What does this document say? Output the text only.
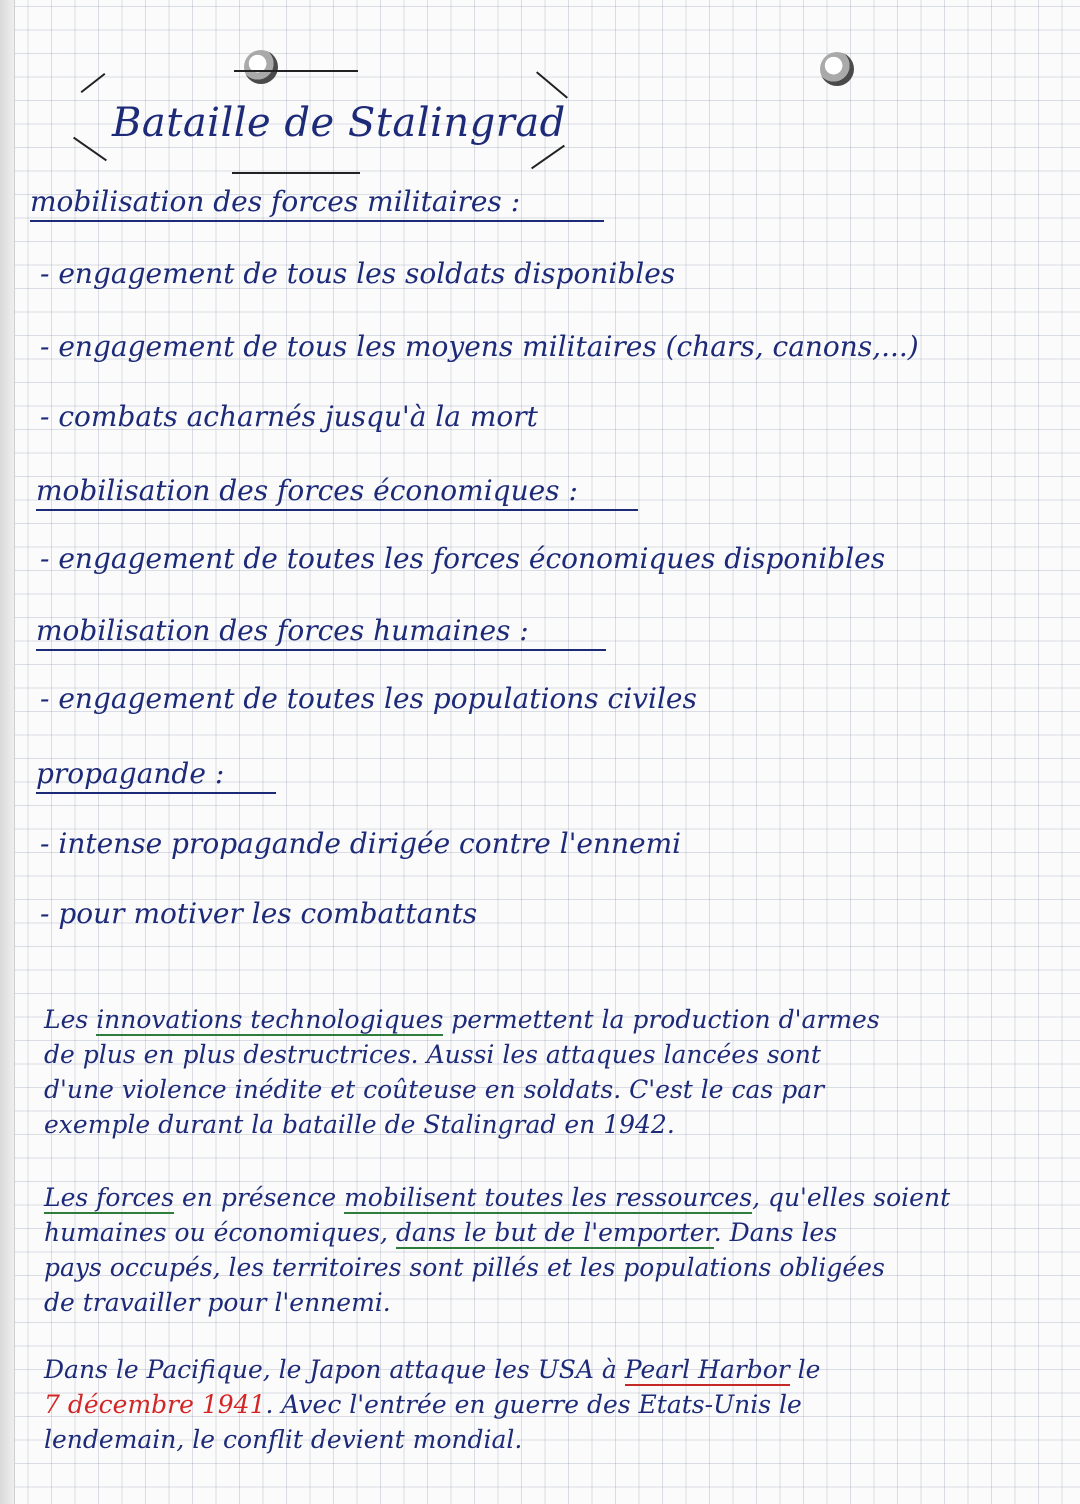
Bataille de Stalingrad
mobilisation des forces militaires :
- engagement de tous les soldats disponibles
- engagement de tous les moyens militaires (chars, canons,...)
- combats acharnés jusqu'à la mort
mobilisation des forces économiques :
- engagement de toutes les forces économiques disponibles
mobilisation des forces humaines :
- engagement de toutes les populations civiles
propagande :
- intense propagande dirigée contre l'ennemi
- pour motiver les combattants
Les innovations technologiques permettent la production d'armes
de plus en plus destructrices. Aussi les attaques lancées sont
d'une violence inédite et coûteuse en soldats. C'est le cas par
exemple durant la bataille de Stalingrad en 1942.
Les forces en présence mobilisent toutes les ressources, qu'elles soient
humaines ou économiques, dans le but de l'emporter. Dans les
pays occupés, les territoires sont pillés et les populations obligées
de travailler pour l'ennemi.
Dans le Pacifique, le Japon attaque les USA à Pearl Harbor le
7 décembre 1941. Avec l'entrée en guerre des Etats-Unis le
lendemain, le conflit devient mondial.
